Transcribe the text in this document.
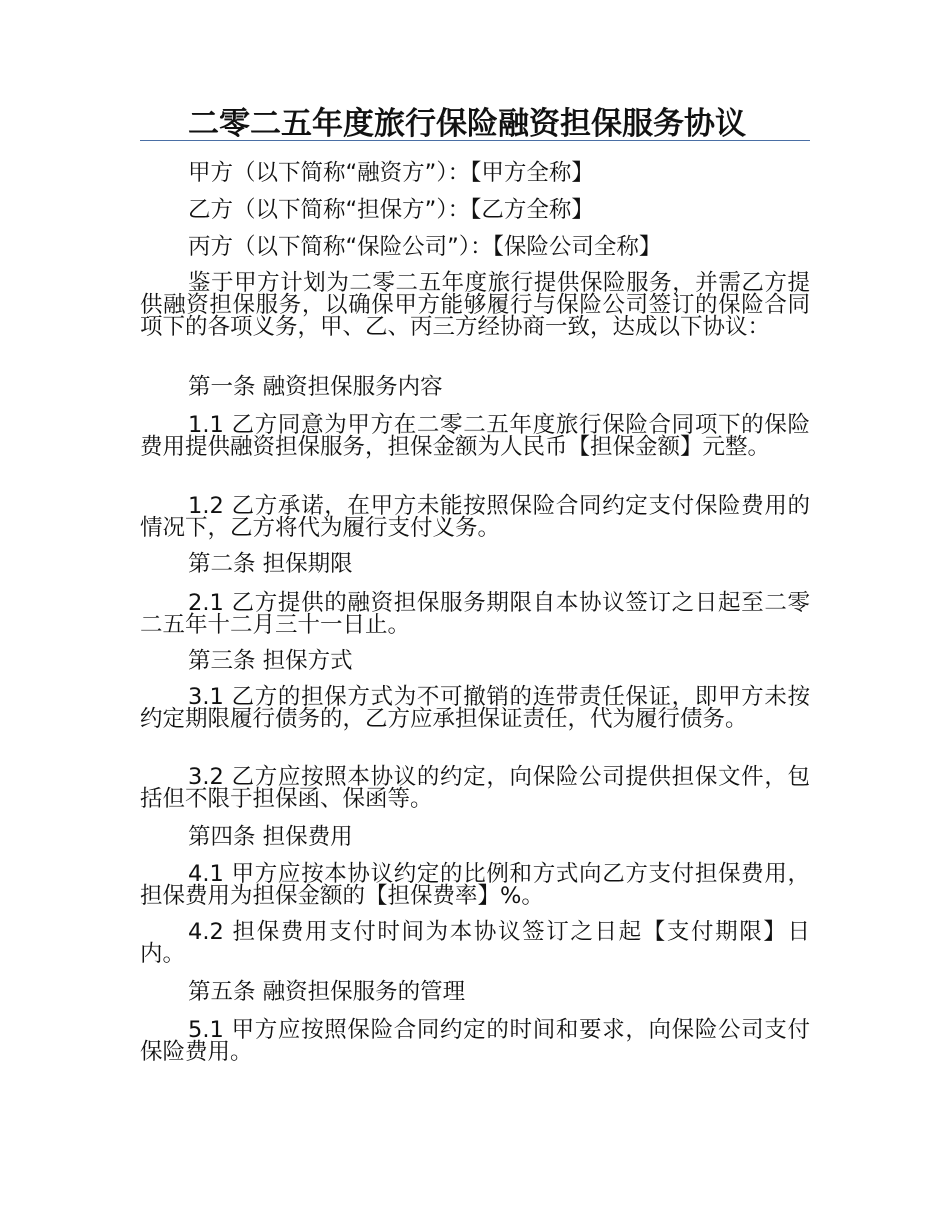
二零二五年度旅行保险融资担保服务协议
甲方（以下简称“融资方”）：【甲方全称】
乙方（以下简称“担保方”）：【乙方全称】
丙方（以下简称“保险公司”）：【保险公司全称】

鉴于甲方计划为二零二五年度旅行提供保险服务，并需乙方提供融资担保服务，以确保甲方能够履行与保险公司签订的保险合同项下的各项义务，甲、乙、丙三方经协商一致，达成以下协议：

第一条 融资担保服务内容

1.1 乙方同意为甲方在二零二五年度旅行保险合同项下的保险费用提供融资担保服务，担保金额为人民币【担保金额】元整。

1.2 乙方承诺，在甲方未能按照保险合同约定支付保险费用的情况下，乙方将代为履行支付义务。

第二条 担保期限

2.1 乙方提供的融资担保服务期限自本协议签订之日起至二零二五年十二月三十一日止。

第三条 担保方式

3.1 乙方的担保方式为不可撤销的连带责任保证，即甲方未按约定期限履行债务的，乙方应承担保证责任，代为履行债务。

3.2 乙方应按照本协议的约定，向保险公司提供担保文件，包括但不限于担保函、保函等。

第四条 担保费用

4.1 甲方应按本协议约定的比例和方式向乙方支付担保费用，担保费用为担保金额的【担保费率】%。

4.2 担保费用支付时间为本协议签订之日起【支付期限】日内。

第五条 融资担保服务的管理

5.1 甲方应按照保险合同约定的时间和要求，向保险公司支付保险费用。
